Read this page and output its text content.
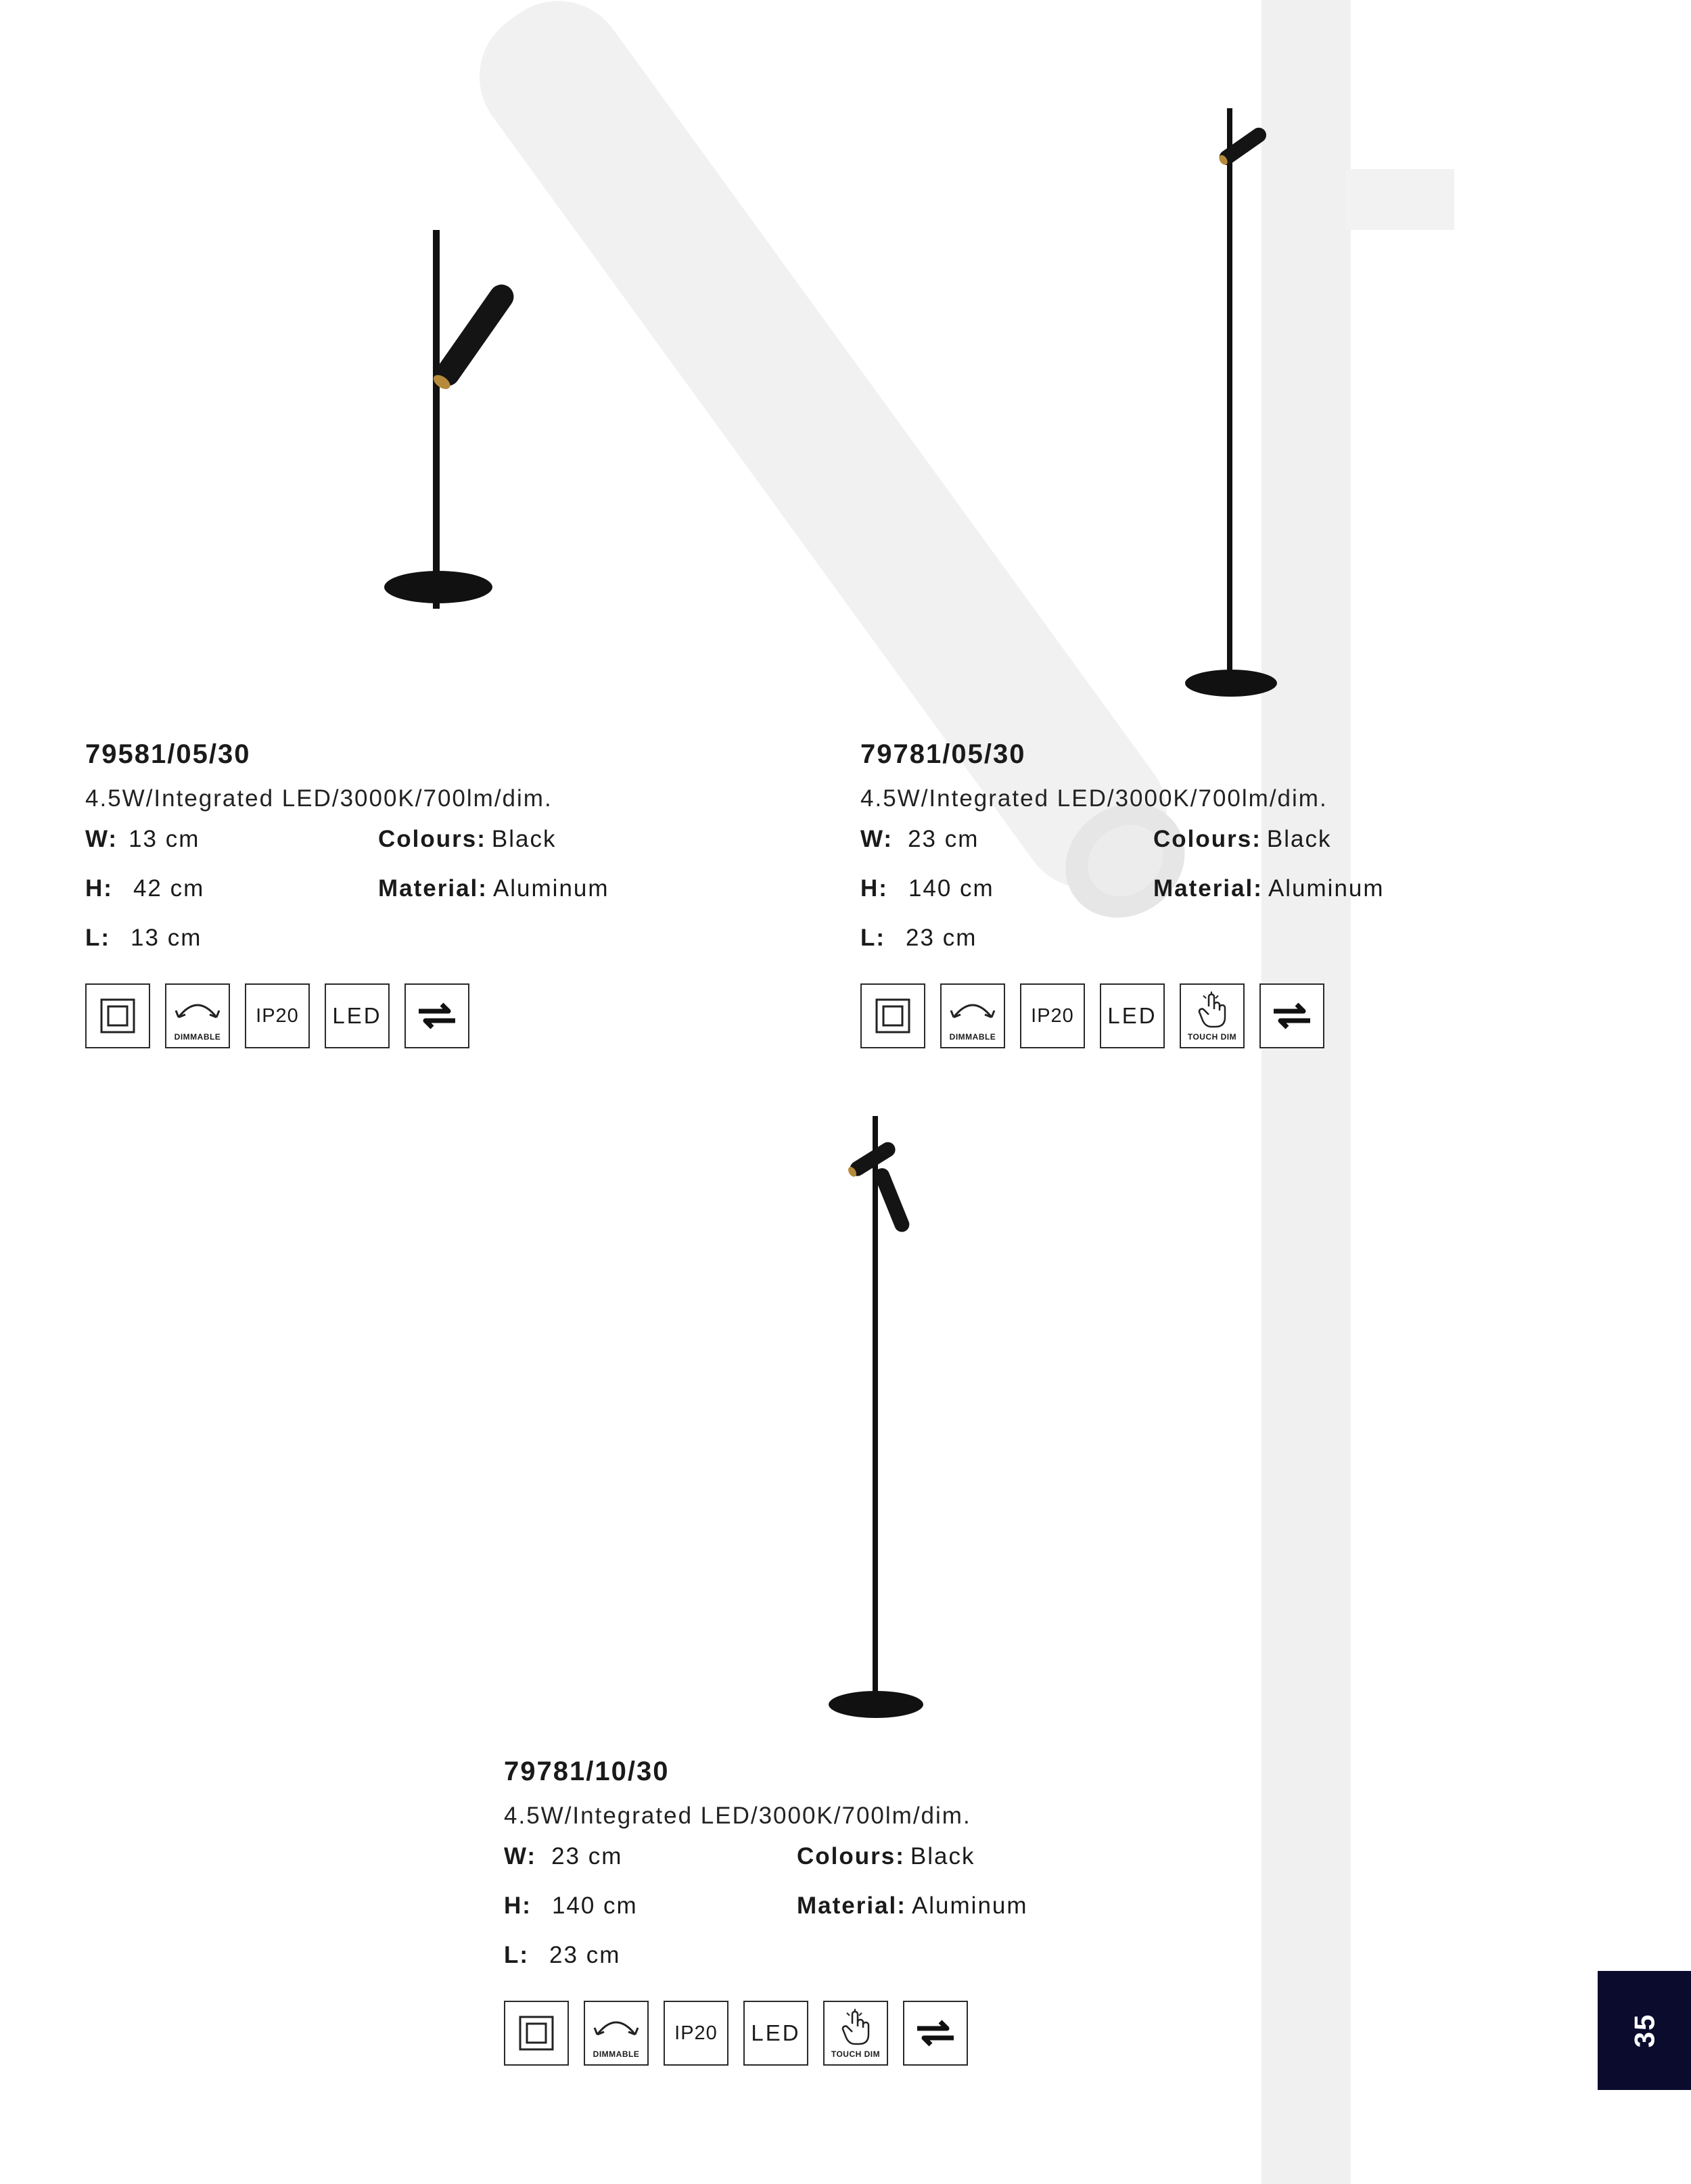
79581/05/30
4.5W/Integrated LED/3000K/700lm/dim.
W: 13 cm
H: 42 cm
L: 13 cm
Colours: Black
Material: Aluminum
DIMMABLE
IP20 LED
79781/05/30
4.5W/Integrated LED/3000K/700lm/dim.
W: 23 cm
H: 140 cm
L: 23 cm
Colours: Black
Material: Aluminum
DIMMABLE
IP20 LED
TOUCH DIM
79781/10/30
4.5W/Integrated LED/3000K/700lm/dim.
W: 23 cm
H: 140 cm
L: 23 cm
Colours: Black
Material: Aluminum
DIMMABLE
IP20 LED
TOUCH DIM
35
